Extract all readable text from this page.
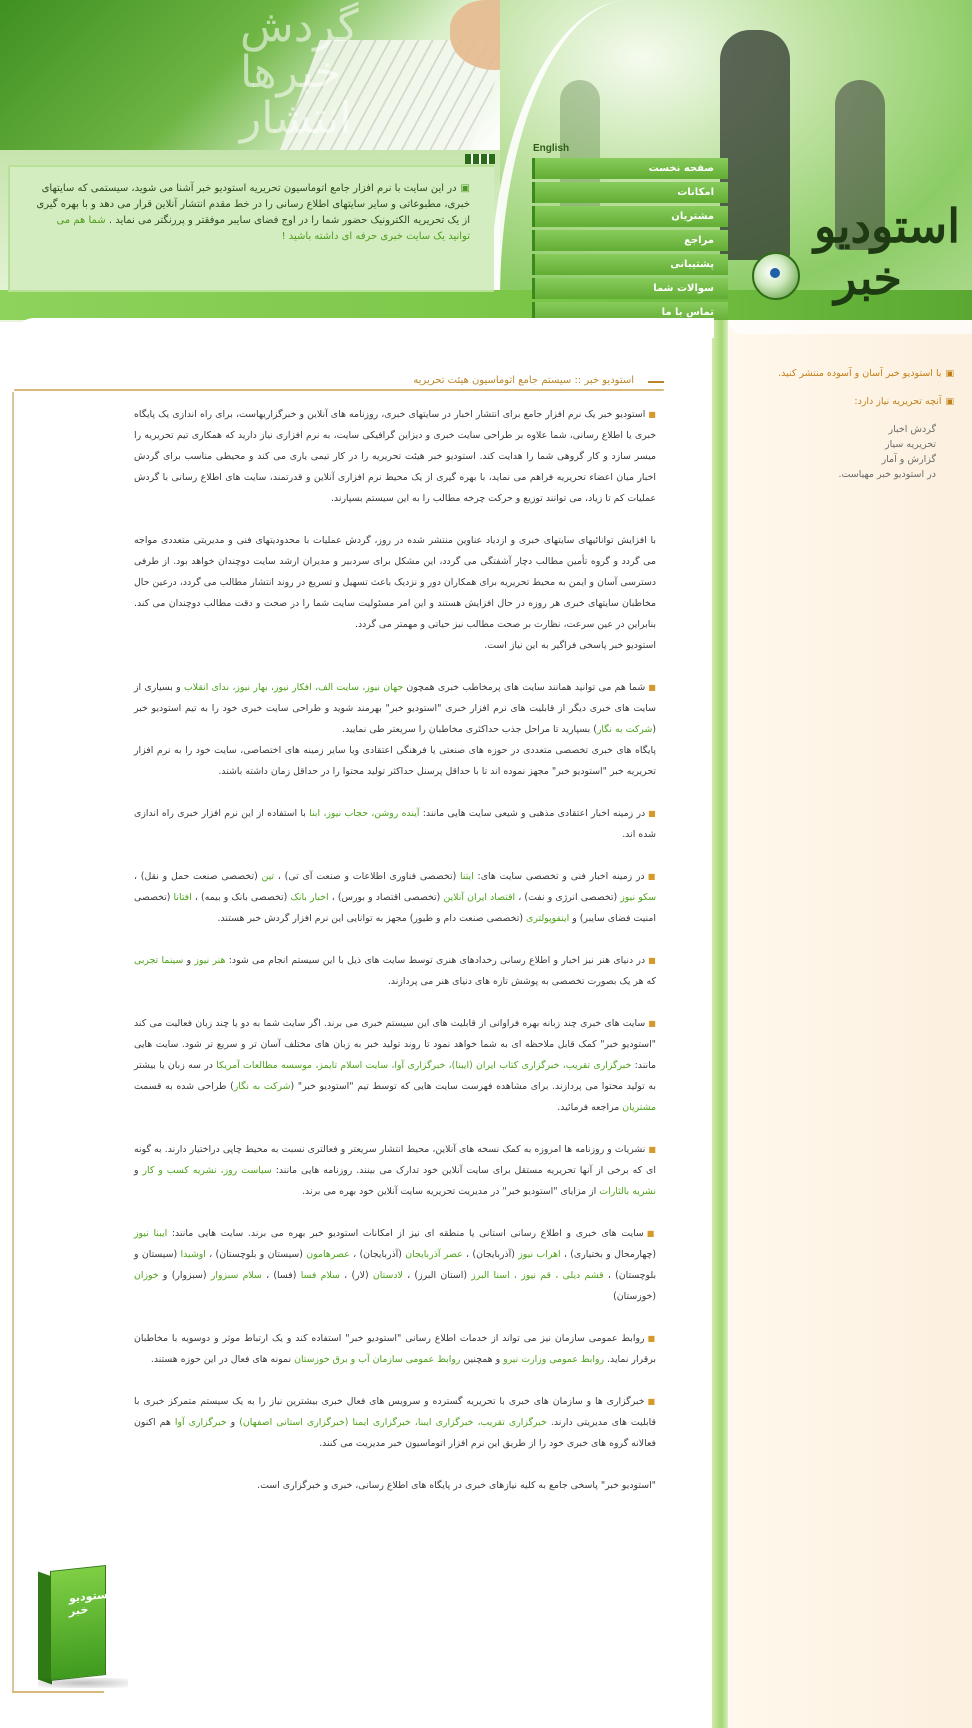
گردش
خبرها
انتشار
▣در این سایت با نرم افزار جامع اتوماسیون تحریریه استودیو خبر آشنا می شوید، سیستمی که سایتهای خبری، مطبوعاتی و سایر سایتهای اطلاع رسانی را در خط مقدم انتشار آنلاین قرار می دهد و با بهره گیری از یک تحریریه الکترونیک حضور شما را در اوج فضای سایبر موفقتر و پررنگتر می نماید . شما هم می توانید یک سایت خبری حرفه ای داشته باشید !
English
صفحه نخست
امکانات
مشتریان
مراجع
پشتیبانی
سوالات شما
تماس با ما
استودیو
خبر
▣با استودیو خبر آسان و آسوده منتشر کنید.
▣آنچه تحریریه نیاز دارد:
گردش اخبار
تحریریه سیار
گزارش و آمار
در استودیو خبر مهیاست.
استودیو خبر :: سیستم جامع اتوماسیون هیئت تحریریه

■استودیو خبر یک نرم افزار جامع برای انتشار اخبار در سایتهای خبری، روزنامه های آنلاین و خبرگزاریهاست، برای راه اندازی یک پایگاه خبری یا اطلاع رسانی، شما علاوه بر طراحی سایت خبری و دیزاین گرافیکی سایت، به نرم افزاری نیاز دارید که همکاری تیم تحریریه را میسر سازد و کار گروهی شما را هدایت کند. استودیو خبر هیئت تحریریه را در کار تیمی یاری می کند و محیطی مناسب برای گردش اخبار میان اعضاء تحریریه فراهم می نماید، با بهره گیری از یک محیط نرم افزاری آنلاین و قدرتمند، سایت های اطلاع رسانی با گردش عملیات کم تا زیاد، می توانند توزیع و حرکت چرخه مطالب را به این سیستم بسپارند.

با افزایش توانائیهای سایتهای خبری و ازدیاد عناوین منتشر شده در روز، گردش عملیات با محدودیتهای فنی و مدیریتی متعددی مواجه می گردد و گروه تأمین مطالب دچار آشفتگی می گردد، این مشکل برای سردبیر و مدیران ارشد سایت دوچندان خواهد بود. از طرفی دسترسی آسان و ایمن به محیط تحریریه برای همکاران دور و نزدیک باعث تسهیل و تسریع در روند انتشار مطالب می گردد، درعین حال مخاطبان سایتهای خبری هر روزه در حال افزایش هستند و این امر مسئولیت سایت شما را در صحت و دقت مطالب دوچندان می کند. بنابراین در عین سرعت، نظارت بر صحت مطالب نیز حیاتی و مهمتر می گردد.

استودیو خبر پاسخی فراگیر به این نیاز است.

■شما هم می توانید همانند سایت های پرمخاطب خبری همچون جهان نیوز، سایت الف، افکار نیوز، بهار نیوز، ندای انقلاب و بسیاری از سایت های خبری دیگر از قابلیت های نرم افزار خبری "استودیو خبر" بهرمند شوید و طراحی سایت خبری خود را به تیم استودیو خبر (شرکت به نگار) بسپارید تا مراحل جذب حداکثری مخاطبان را سریعتر طی نمایید.

پایگاه های خبری تخصصی متعددی در حوزه های صنعتی یا فرهنگی اعتقادی ویا سایر زمینه های اختصاصی، سایت خود را به نرم افزار تحریریه خبر "استودیو خبر" مجهز نموده اند تا با حداقل پرسنل حداکثر تولید محتوا را در حداقل زمان داشته باشند.

■در زمینه اخبار اعتقادی مذهبی و شیعی سایت هایی مانند: آینده روشن، حجاب نیوز، ابنا با استفاده از این نرم افزار خبری راه اندازی شده اند.

■در زمینه اخبار فنی و تخصصی سایت های: ایتنا (تخصصی فناوری اطلاعات و صنعت آی تی) ، تین (تخصصی صنعت حمل و نقل) ، سکو نیوز (تخصصی انرژی و نفت) ، اقتصاد ایران آنلاین (تخصصی اقتصاد و بورس) ، اخبار بانک (تخصصی بانک و بیمه) ، افتانا (تخصصی امنیت فضای سایبر) و اینفوپولتری (تخصصی صنعت دام و طیور) مجهز به توانایی این نرم افزار گردش خبر هستند.

■در دنیای هنر نیز اخبار و اطلاع رسانی رخدادهای هنری توسط سایت های ذیل با این سیستم انجام می شود: هنر نیوز و سینما تجربی که هر یک بصورت تخصصی به پوشش تازه های دنیای هنر می پردازند.

■سایت های خبری چند زبانه بهره فراوانی از قابلیت های این سیستم خبری می برند. اگر سایت شما به دو یا چند زبان فعالیت می کند "استودیو خبر" کمک قابل ملاحظه ای به شما خواهد نمود تا روند تولید خبر به زبان های مختلف آسان تر و سریع تر شود. سایت هایی مانند: خبرگزاری تقریب، خبرگزاری کتاب ایران (ایبنا)، خبرگزاری آوا، سایت اسلام تایمز، موسسه مطالعات آمریکا در سه زبان یا بیشتر به تولید محتوا می پردازند. برای مشاهده فهرست سایت هایی که توسط تیم "استودیو خبر" (شرکت به نگار) طراحی شده به قسمت مشتریان مراجعه فرمائید.

■نشریات و روزنامه ها امروزه به کمک نسخه های آنلاین، محیط انتشار سریعتر و فعالتری نسبت به محیط چاپی دراختیار دارند. به گونه ای که برخی از آنها تحریریه مستقل برای سایت آنلاین خود تدارک می بینند. روزنامه هایی مانند: سیاست روز، نشریه کسب و کار و نشریه بالثارات از مزایای "استودیو خبر" در مدیریت تحریریه سایت آنلاین خود بهره می برند.

■سایت های خبری و اطلاع رسانی استانی یا منطقه ای نیز از امکانات استودیو خبر بهره می برند. سایت هایی مانند: ایبنا نیوز (چهارمحال و بختیاری) ، اهراب نیوز (آذربایجان) ، عصر آذربایجان (آذربایجان) ، عصرهامون (سیستان و بلوچستان) ، اوشیدا (سیستان و بلوچستان) ، قشم دیلی ، قم نیوز ، اسنا البرز (استان البرز) ، لادستان (لار) ، سلام فسا (فسا) ، سلام سبزوار (سبزوار) و خوزان (خوزستان)

■روابط عمومی سازمان نیز می تواند از خدمات اطلاع رسانی "استودیو خبر" استفاده کند و یک ارتباط موثر و دوسویه با مخاطبان برقرار نماید. روابط عمومی وزارت نیرو و همچنین روابط عمومی سازمان آب و برق خوزستان نمونه های فعال در این حوزه هستند.

■خبرگزاری ها و سازمان های خبری با تحریریه گسترده و سرویس های فعال خبری بیشترین نیاز را به یک سیستم متمرکز خبری با قابلیت های مدیریتی دارند. خبرگزاری تقریب، خبرگزاری ایبنا، خبرگزاری ایمنا (خبرگزاری استانی اصفهان) و خبرگزاری آوا هم اکنون فعالانه گروه های خبری خود را از طریق این نرم افزار اتوماسیون خبر مدیریت می کنند.

"استودیو خبر" پاسخی جامع به کلیه نیازهای خبری در پایگاه های اطلاع رسانی، خبری و خبرگزاری است.

استودیو خبر
